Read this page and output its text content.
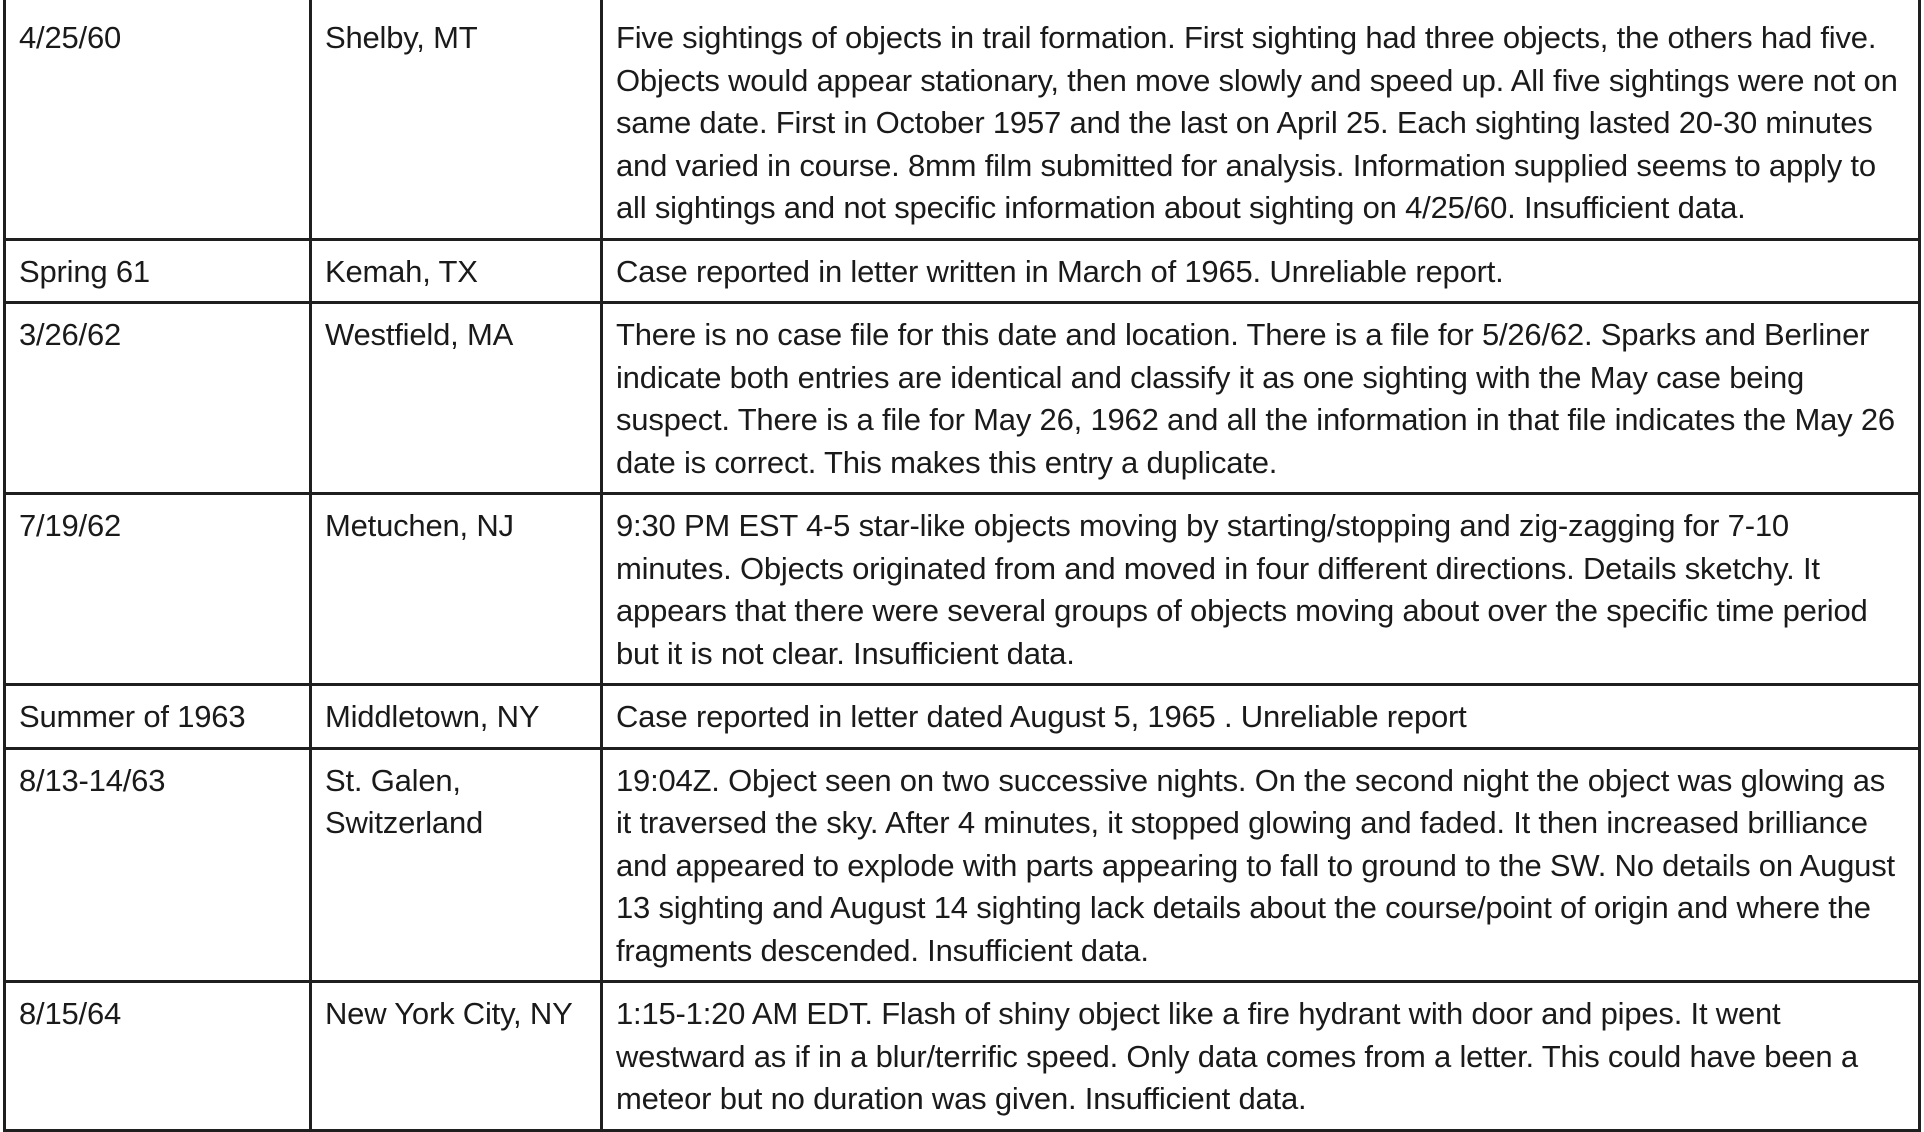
4/25/60	Shelby, MT	Five sightings of objects in trail formation. First sighting had three objects, the others had five. Objects would appear stationary, then move slowly and speed up. All five sightings were not on same date. First in October 1957 and the last on April 25. Each sighting lasted 20-30 minutes and varied in course. 8mm film submitted for analysis. Information supplied seems to apply to all sightings and not specific information about sighting on 4/25/60. Insufficient data.
Spring 61	Kemah, TX	Case reported in letter written in March of 1965. Unreliable report.
3/26/62	Westfield, MA	There is no case file for this date and location. There is a file for 5/26/62. Sparks and Berliner indicate both entries are identical and classify it as one sighting with the May case being suspect. There is a file for May 26, 1962 and all the information in that file indicates the May 26 date is correct. This makes this entry a duplicate.
7/19/62	Metuchen, NJ	9:30 PM EST 4-5 star-like objects moving by starting/stopping and zig-zagging for 7-10 minutes. Objects originated from and moved in four different directions. Details sketchy. It appears that there were several groups of objects moving about over the specific time period but it is not clear. Insufficient data.
Summer of 1963	Middletown, NY	Case reported in letter dated August 5, 1965 . Unreliable report
8/13-14/63	St. Galen, Switzerland	19:04Z. Object seen on two successive nights. On the second night the object was glowing as it traversed the sky. After 4 minutes, it stopped glowing and faded. It then increased brilliance and appeared to explode with parts appearing to fall to ground to the SW. No details on August 13 sighting and August 14 sighting lack details about the course/point of origin and where the fragments descended. Insufficient data.
8/15/64	New York City, NY	1:15-1:20 AM EDT. Flash of shiny object like a fire hydrant with door and pipes. It went westward as if in a blur/terrific speed. Only data comes from a letter. This could have been a meteor but no duration was given. Insufficient data.
